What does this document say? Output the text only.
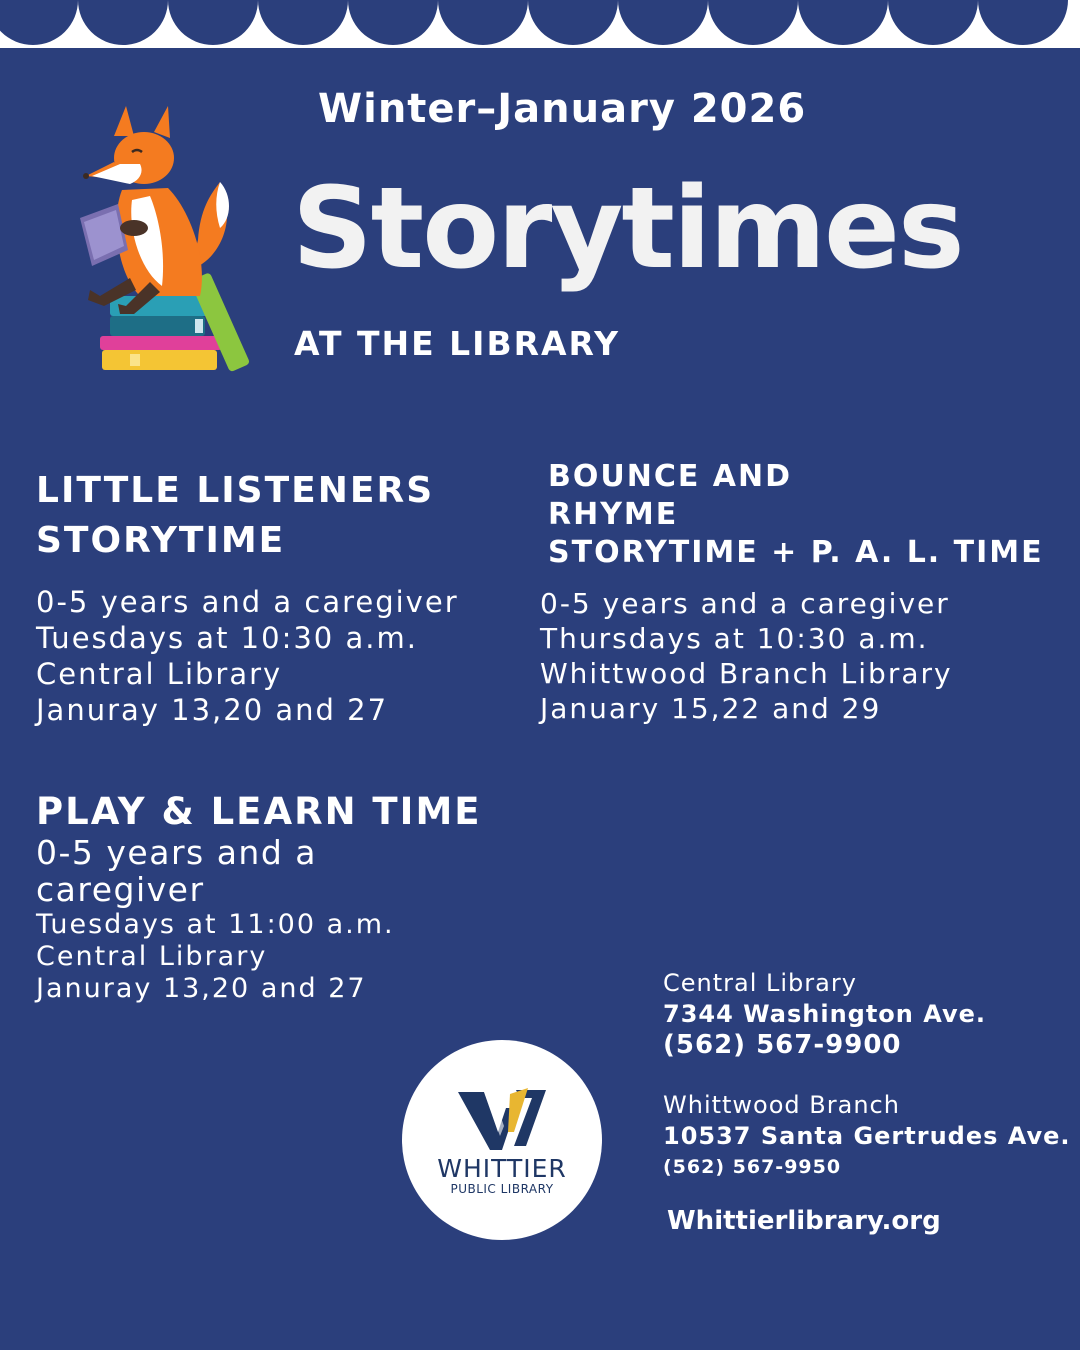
Winter–January 2026
Storytimes
AT THE LIBRARY
LITTLE LISTENERS
STORYTIME
0-5 years and a caregiver
Tuesdays at 10:30 a.m.
Central Library
Januray 13,20 and 27
BOUNCE AND
RHYME
STORYTIME + P. A. L. TIME
0-5 years and a caregiver
Thursdays at 10:30 a.m.
Whittwood Branch Library
January 15,22 and 29
PLAY & LEARN TIME
0-5 years and a
caregiver
Tuesdays at 11:00 a.m.
Central Library
Januray 13,20 and 27	Central Library
7344 Washington Ave.
(562) 567-9900
Whittwood Branch
10537 Santa Gertrudes Ave.
(562) 567-9950
Whittierlibrary.org
WHITTIER
PUBLIC LIBRARY
